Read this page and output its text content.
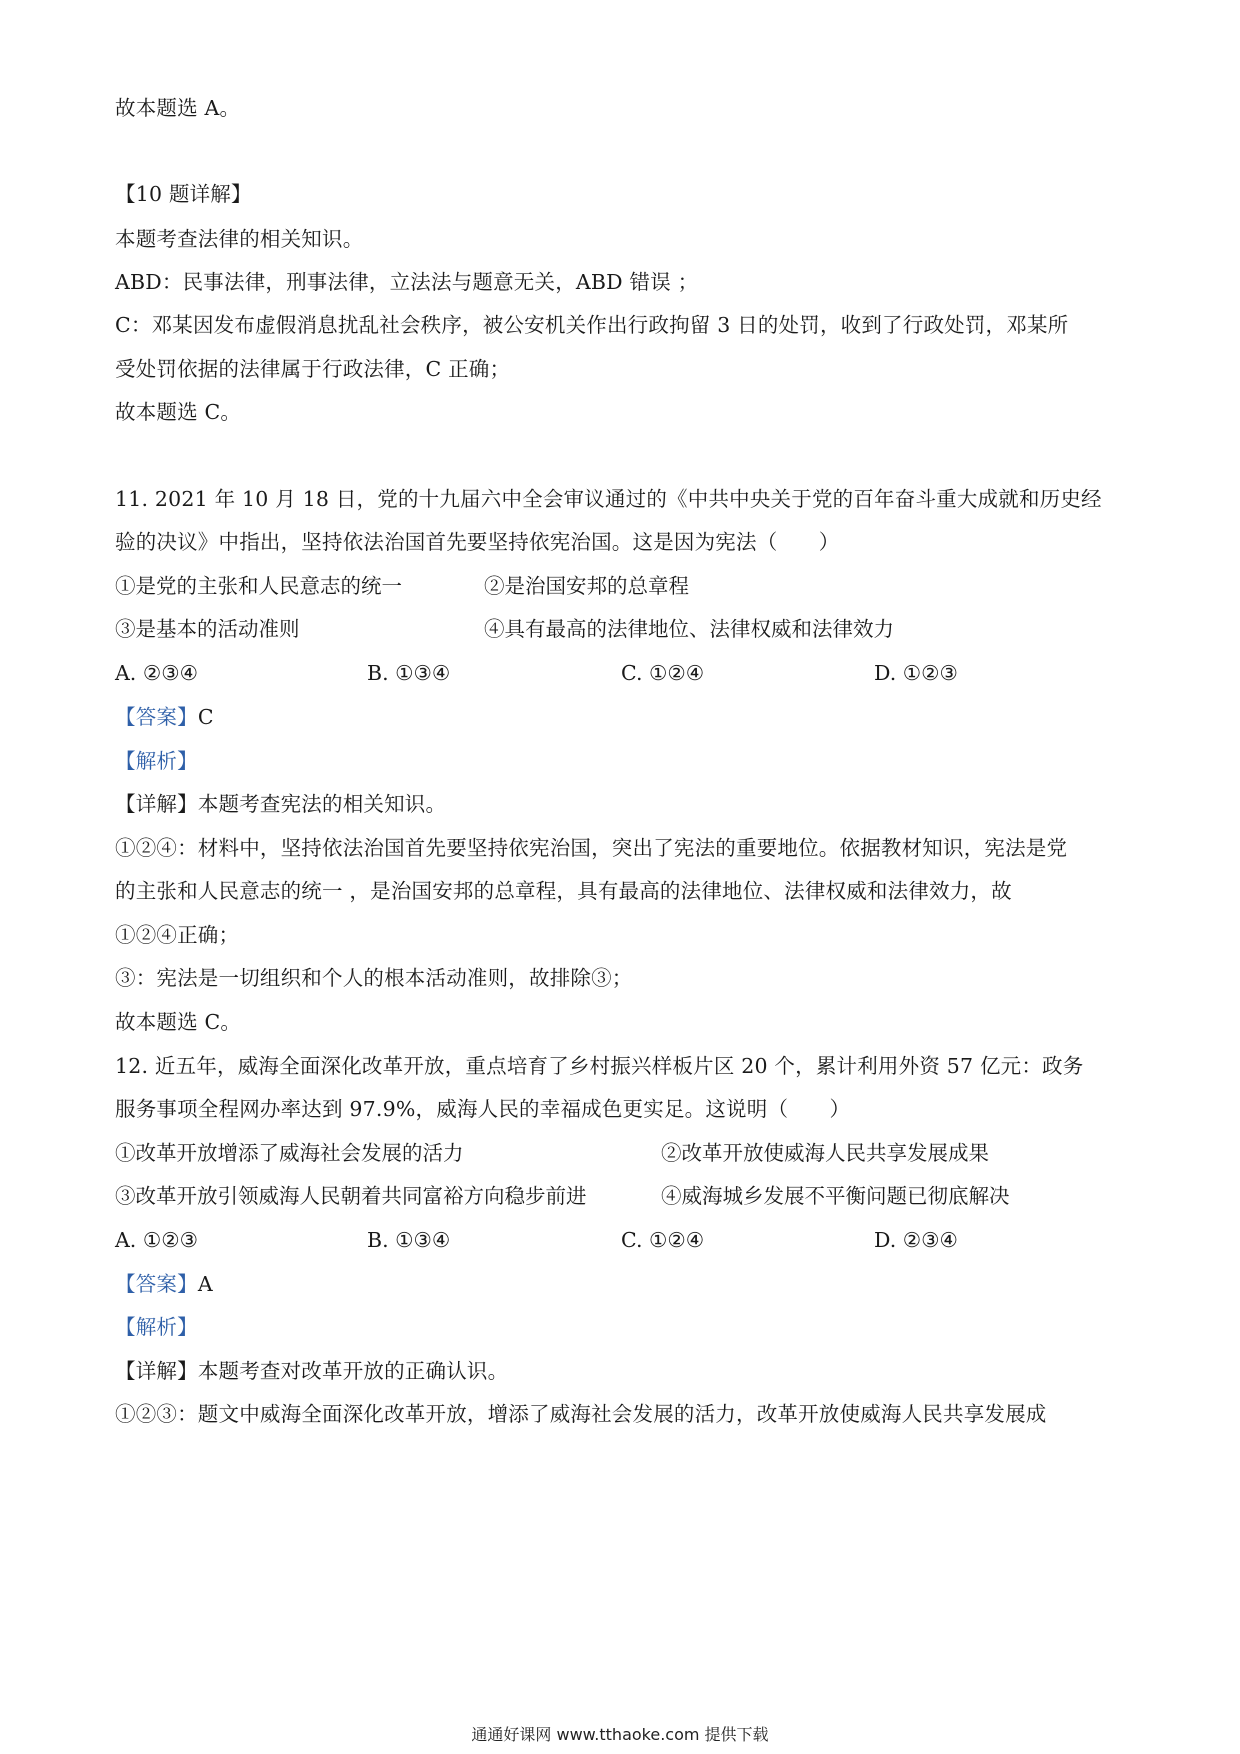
故本题选 A。
【10 题详解】
本题考查法律的相关知识。
ABD：民事法律，刑事法律，立法法与题意无关，ABD 错误 ；
C：邓某因发布虚假消息扰乱社会秩序，被公安机关作出行政拘留 3 日的处罚，收到了行政处罚，邓某所
受处罚依据的法律属于行政法律，C 正确；
故本题选 C。
11. 2021 年 10 月 18 日，党的十九届六中全会审议通过的《中共中央关于党的百年奋斗重大成就和历史经
验的决议》中指出，坚持依法治国首先要坚持依宪治国。这是因为宪法（　　）
①是党的主张和人民意志的统一	②是治国安邦的总章程
③是基本的活动准则	④具有最高的法律地位、法律权威和法律效力
A. ②③④	B. ①③④	C. ①②④	D. ①②③
【答案】C
【解析】
【详解】本题考查宪法的相关知识。
①②④：材料中，坚持依法治国首先要坚持依宪治国，突出了宪法的重要地位。依据教材知识，宪法是党
的主张和人民意志的统一 ，是治国安邦的总章程，具有最高的法律地位、法律权威和法律效力，故
①②④正确；
③：宪法是一切组织和个人的根本活动准则，故排除③；
故本题选 C。
12. 近五年，威海全面深化改革开放，重点培育了乡村振兴样板片区 20 个，累计利用外资 57 亿元：政务
服务事项全程网办率达到 97.9%，威海人民的幸福成色更实足。这说明（　　）
①改革开放增添了威海社会发展的活力	②改革开放使威海人民共享发展成果
③改革开放引领威海人民朝着共同富裕方向稳步前进	④威海城乡发展不平衡问题已彻底解决
A. ①②③	B. ①③④	C. ①②④	D. ②③④
【答案】A
【解析】
【详解】本题考查对改革开放的正确认识。
①②③：题文中威海全面深化改革开放，增添了威海社会发展的活力，改革开放使威海人民共享发展成
通通好课网 www.tthaoke.com 提供下载
